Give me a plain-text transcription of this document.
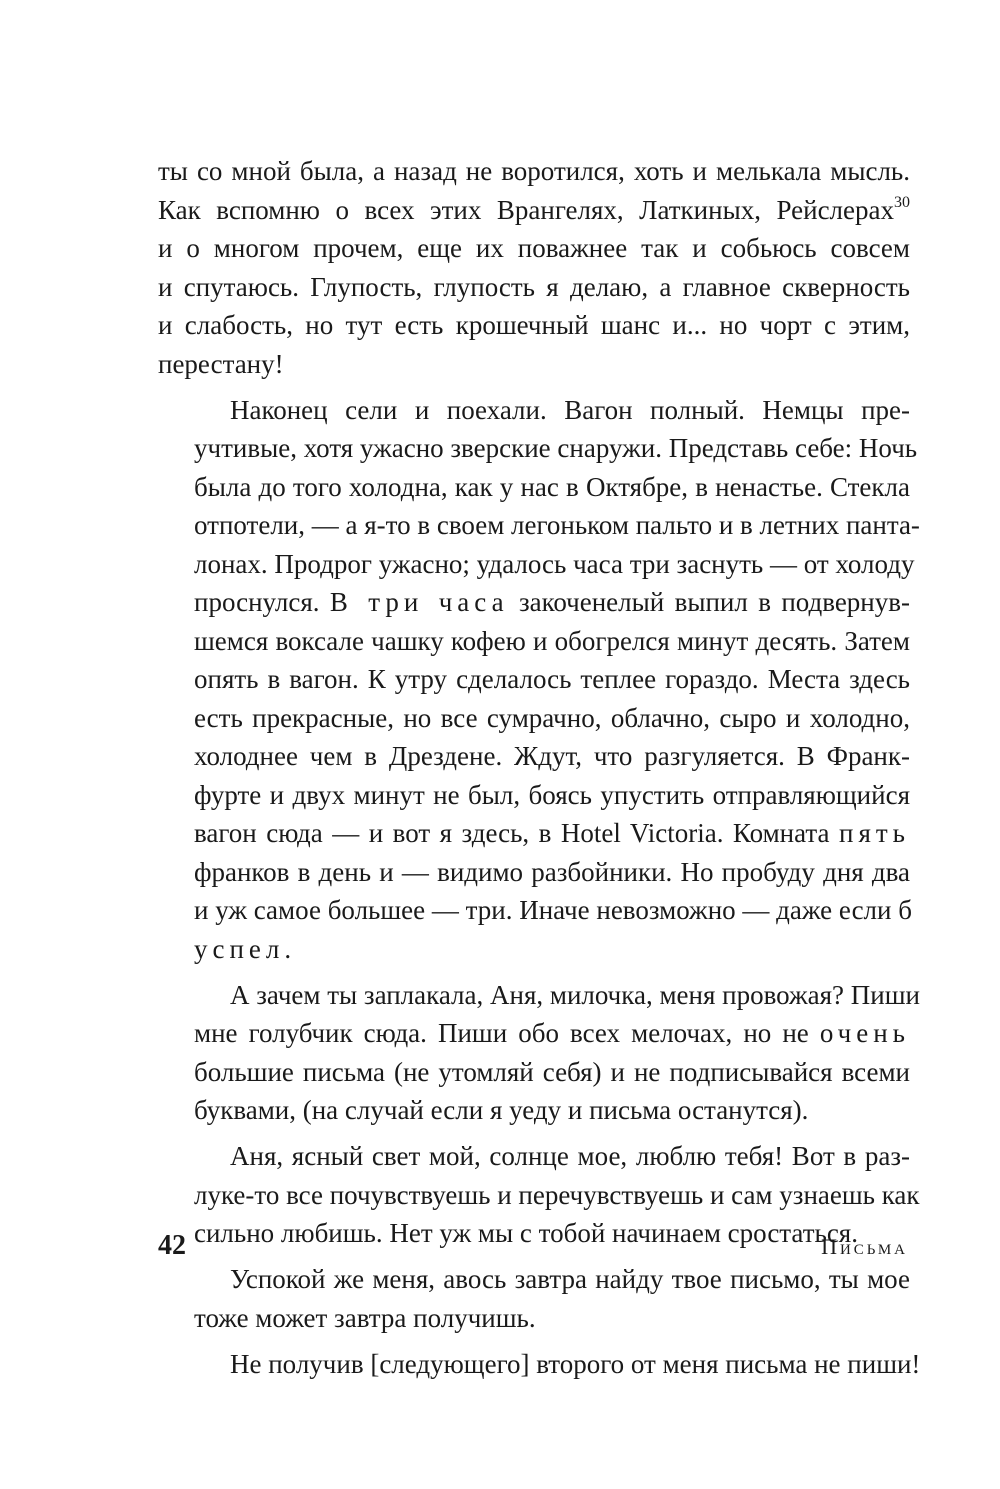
ты со мной была, а назад не воротился, хоть и мелькала мысль.
Как вспомню о всех этих Врангелях, Латкиных, Рейслерах$^{30}$
и о многом прочем, еще их поважнее так и собьюсь совсем
и спутаюсь. Глупость, глупость я делаю, а главное скверность
и слабость, но тут есть крошечный шанс и... но чорт с этим,
перестану!
Наконец сели и поехали. Вагон полный. Немцы пре-
учтивые, хотя ужасно зверские снаружи. Представь себе: Ночь
была до того холодна, как у нас в Октябре, в ненастье. Стекла
отпотели, — а я-то в своем легоньком пальто и в летних панта-
лонах. Продрог ужасно; удалось часа три заснуть — от холоду
проснулся. В три часа закоченелый выпил в подвернув-
шемся воксале чашку кофею и обогрелся минут десять. Затем
опять в вагон. К утру сделалось теплее гораздо. Места здесь
есть прекрасные, но все сумрачно, облачно, сыро и холодно,
холоднее чем в Дрездене. Ждут, что разгуляется. В Франк-
фурте и двух минут не был, боясь упустить отправляющийся
вагон сюда — и вот я здесь, в Hotel Victoria. Комната пять
франков в день и — видимо разбойники. Но пробуду дня два
и уж самое большее — три. Иначе невозможно — даже если б
успел.
А зачем ты заплакала, Аня, милочка, меня провожая? Пиши
мне голубчик сюда. Пиши обо всех мелочах, но не очень
большие письма (не утомляй себя) и не подписывайся всеми
буквами, (на случай если я уеду и письма останутся).
Аня, ясный свет мой, солнце мое, люблю тебя! Вот в раз-
луке-то все почувствуешь и перечувствуешь и сам узнаешь как
сильно любишь. Нет уж мы с тобой начинаем сростаться.
Успокой же меня, авось завтра найду твое письмо, ты мое
тоже может завтра получишь.
Не получив [следующего] второго от меня письма не пиши!
42	Письма
